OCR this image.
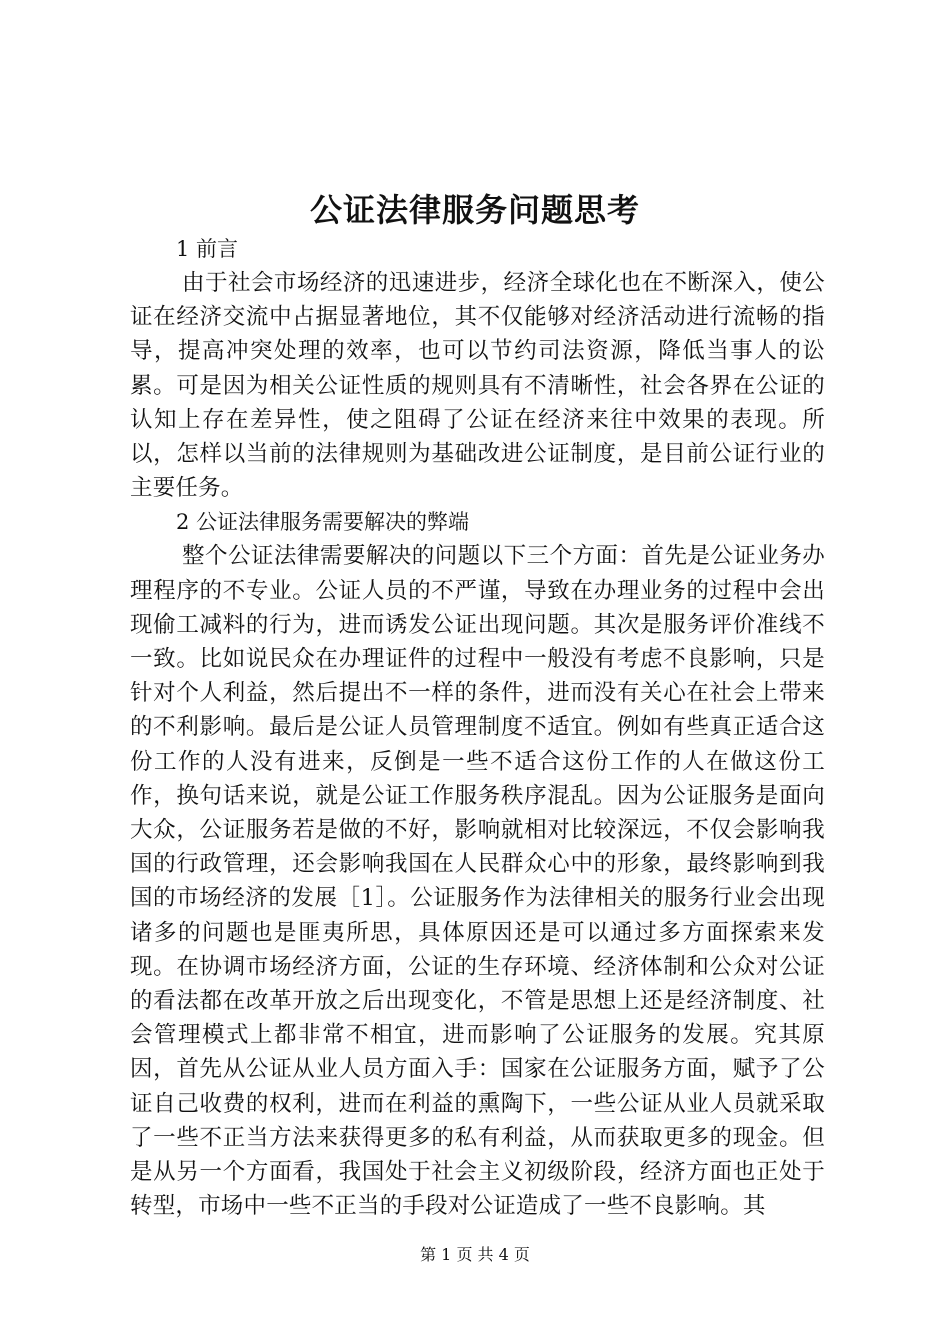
公证法律服务问题思考

1 前言

由于社会市场经济的迅速进步，经济全球化也在不断深入，使公证在经济交流中占据显著地位，其不仅能够对经济活动进行流畅的指导，提高冲突处理的效率，也可以节约司法资源，降低当事人的讼累。可是因为相关公证性质的规则具有不清晰性，社会各界在公证的认知上存在差异性，使之阻碍了公证在经济来往中效果的表现。所以，怎样以当前的法律规则为基础改进公证制度，是目前公证行业的主要任务。

2 公证法律服务需要解决的弊端

整个公证法律需要解决的问题以下三个方面：首先是公证业务办理程序的不专业。公证人员的不严谨，导致在办理业务的过程中会出现偷工减料的行为，进而诱发公证出现问题。其次是服务评价准线不一致。比如说民众在办理证件的过程中一般没有考虑不良影响，只是针对个人利益，然后提出不一样的条件，进而没有关心在社会上带来的不利影响。最后是公证人员管理制度不适宜。例如有些真正适合这份工作的人没有进来，反倒是一些不适合这份工作的人在做这份工作，换句话来说，就是公证工作服务秩序混乱。因为公证服务是面向大众，公证服务若是做的不好，影响就相对比较深远，不仅会影响我国的行政管理，还会影响我国在人民群众心中的形象，最终影响到我国的市场经济的发展［1］。公证服务作为法律相关的服务行业会出现诸多的问题也是匪夷所思，具体原因还是可以通过多方面探索来发现。在协调市场经济方面，公证的生存环境、经济体制和公众对公证的看法都在改革开放之后出现变化，不管是思想上还是经济制度、社会管理模式上都非常不相宜，进而影响了公证服务的发展。究其原因，首先从公证从业人员方面入手：国家在公证服务方面，赋予了公证自己收费的权利，进而在利益的熏陶下，一些公证从业人员就采取了一些不正当方法来获得更多的私有利益，从而获取更多的现金。但是从另一个方面看，我国处于社会主义初级阶段，经济方面也正处于转型，市场中一些不正当的手段对公证造成了一些不良影响。其

第 1 页 共 4 页
